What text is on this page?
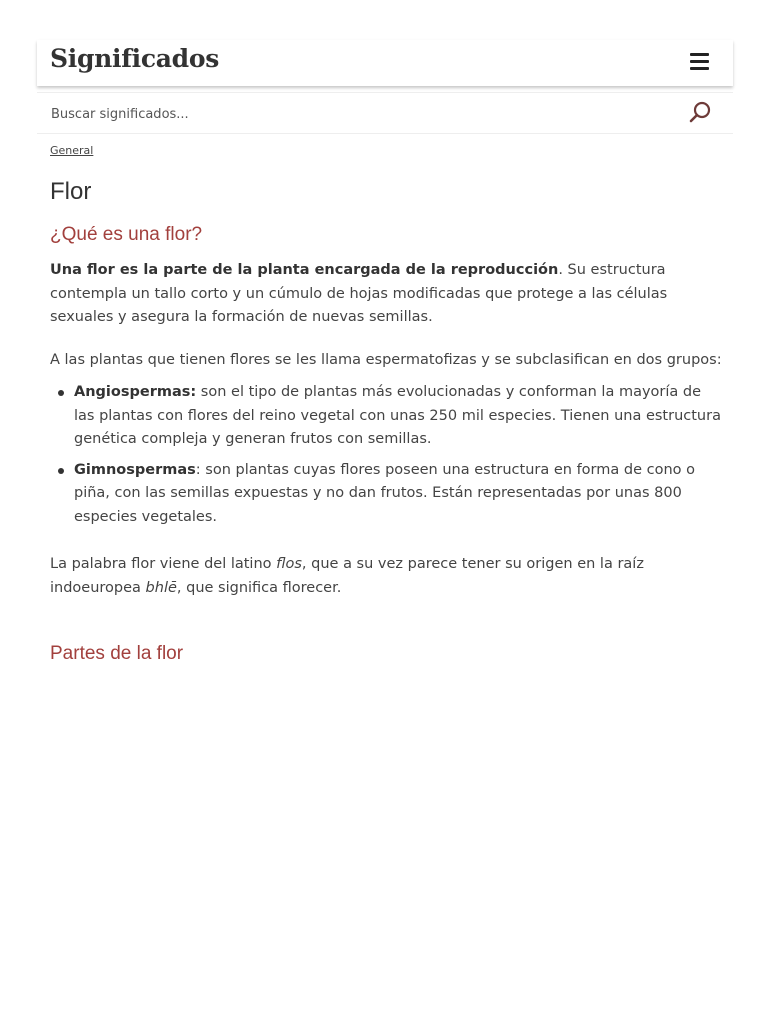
Significados
Buscar significados...
General
Flor
¿Qué es una flor?

Una flor es la parte de la planta encargada de la reproducción. Su estructura contempla un tallo corto y un cúmulo de hojas modificadas que protege a las células sexuales y asegura la formación de nuevas semillas.

A las plantas que tienen flores se les llama espermatofizas y se subclasifican en dos grupos:

Angiospermas: son el tipo de plantas más evolucionadas y conforman la mayoría de las plantas con flores del reino vegetal con unas 250 mil especies. Tienen una estructura genética compleja y generan frutos con semillas.
Gimnospermas: son plantas cuyas flores poseen una estructura en forma de cono o piña, con las semillas expuestas y no dan frutos. Están representadas por unas 800 especies vegetales.

La palabra flor viene del latino flos, que a su vez parece tener su origen en la raíz indoeuropea bhlē, que significa florecer.

Partes de la flor
